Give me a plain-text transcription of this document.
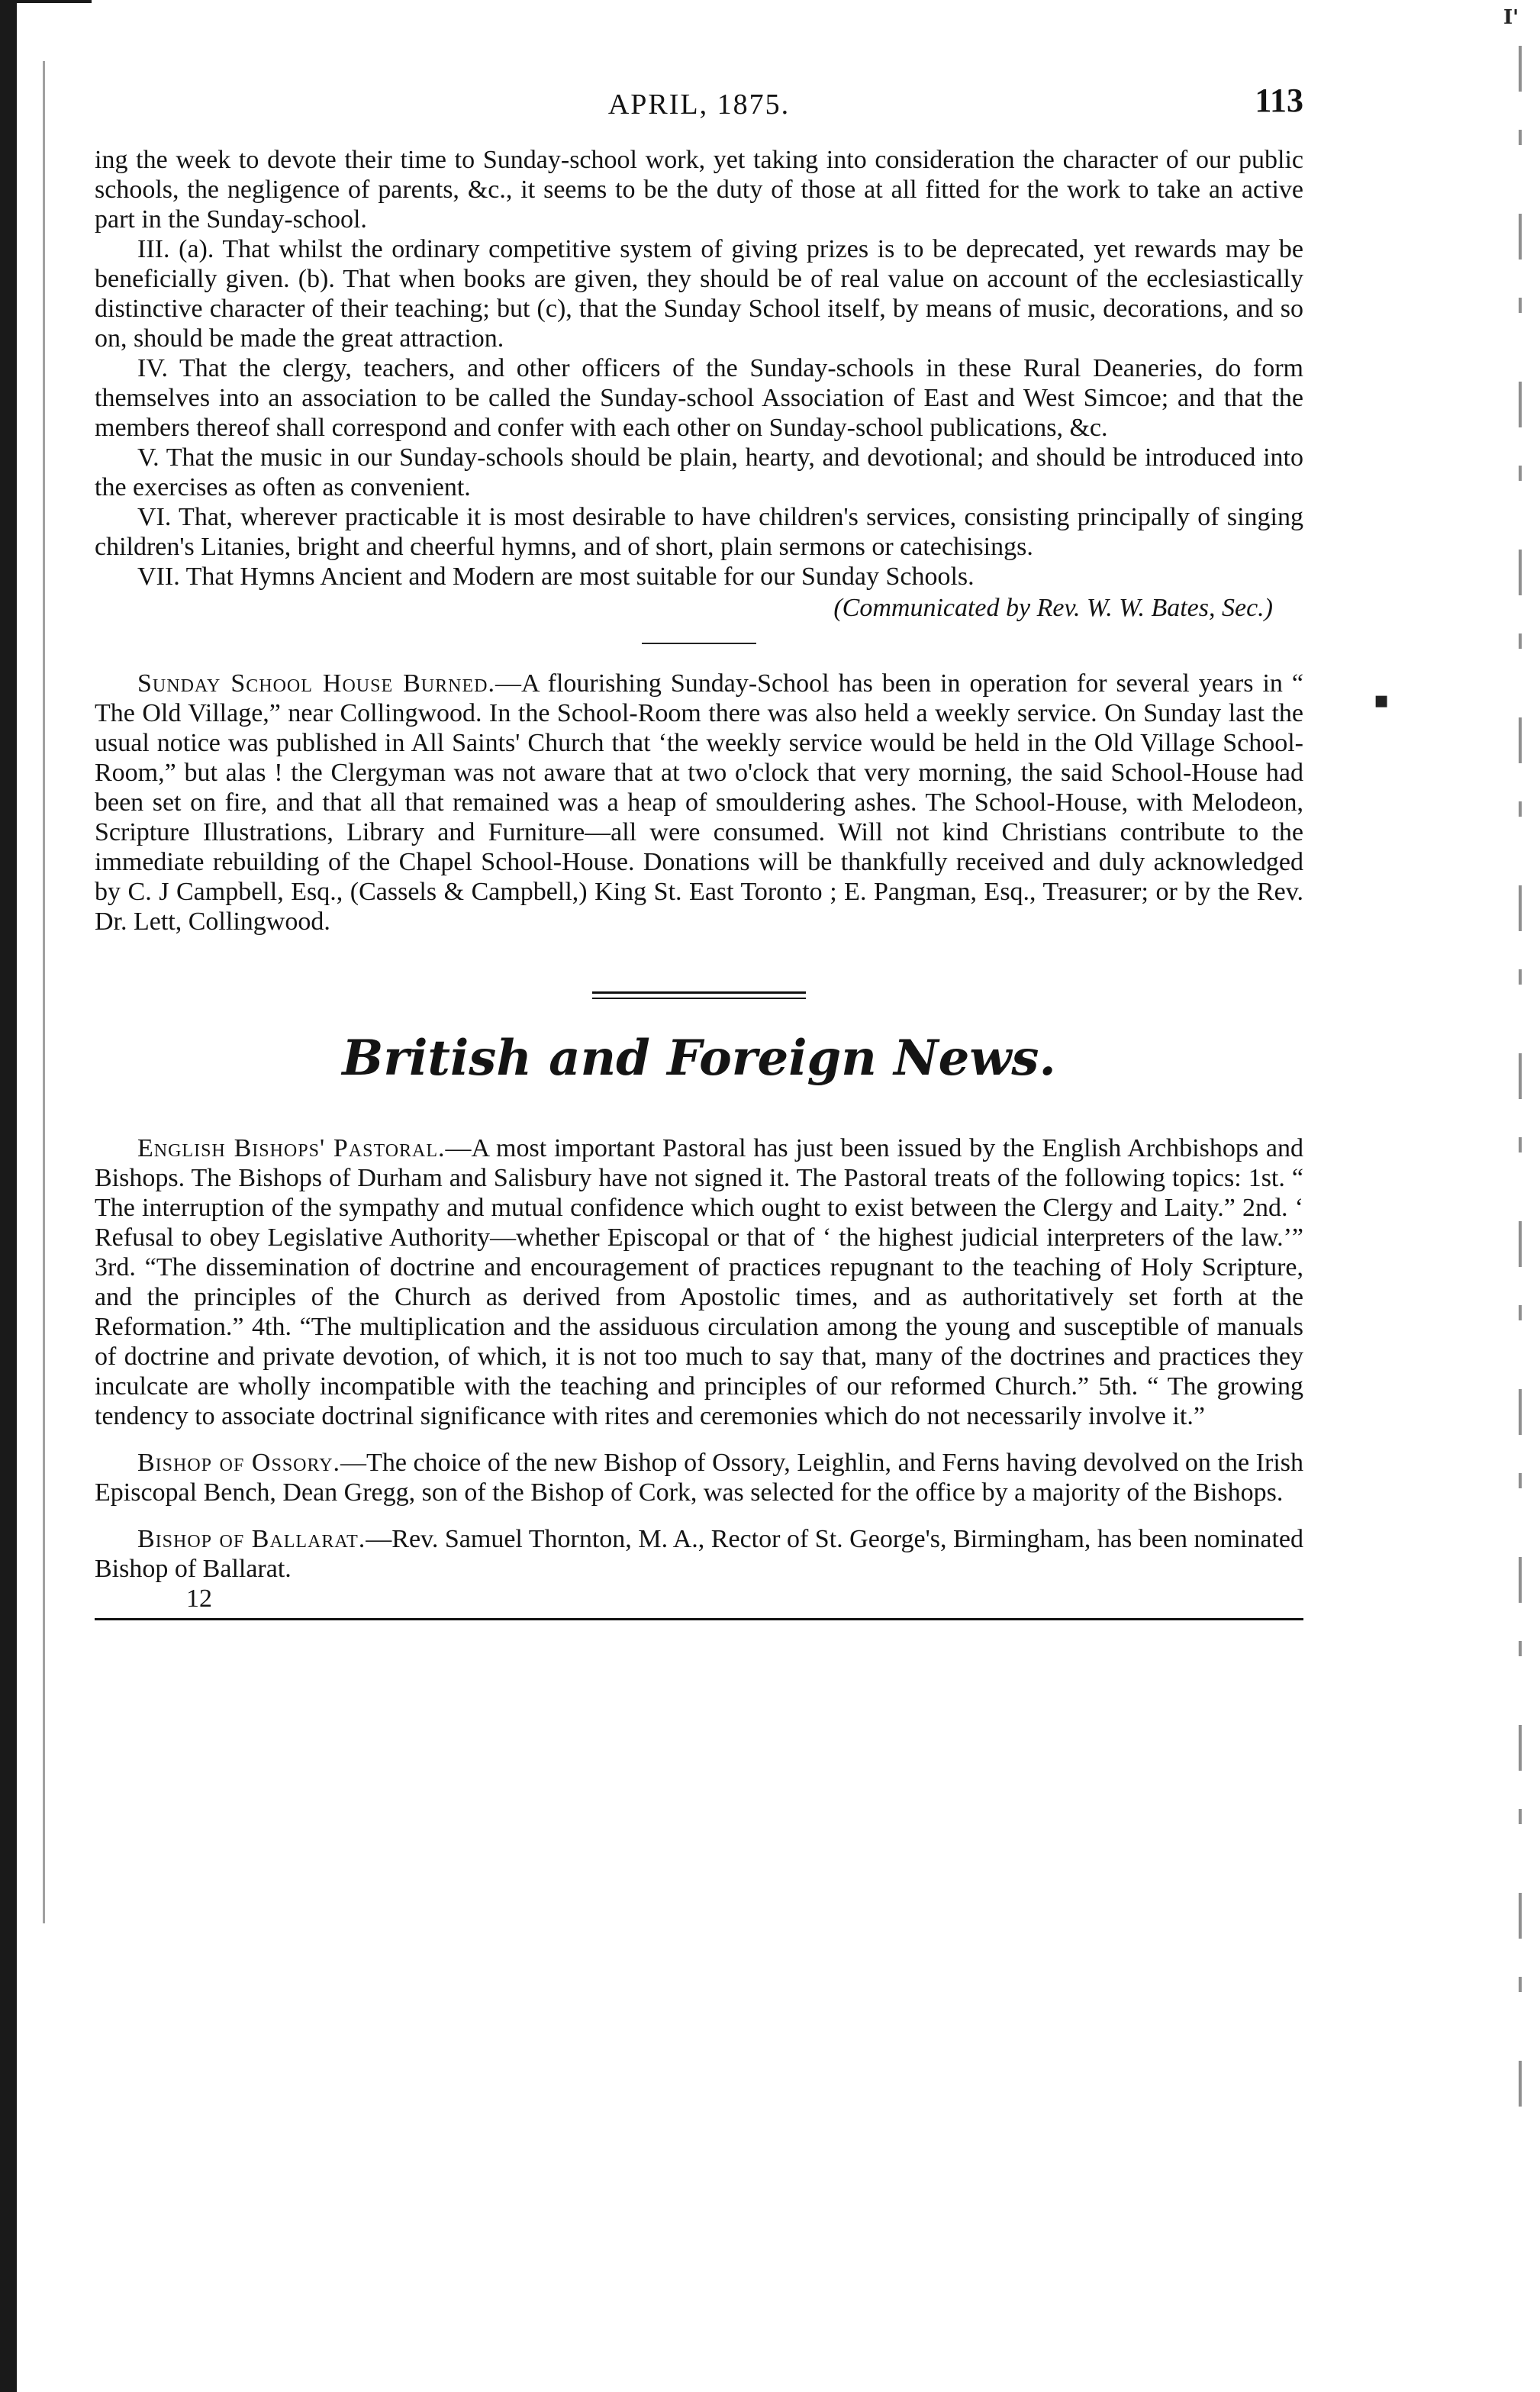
I'
▪
APRIL, 1875.	113

ing the week to devote their time to Sunday-school work, yet taking into consideration the character of our public schools, the negligence of parents, &c., it seems to be the duty of those at all fitted for the work to take an active part in the Sunday-school.

III. (a). That whilst the ordinary competitive system of giving prizes is to be deprecated, yet rewards may be beneficially given. (b). That when books are given, they should be of real value on account of the ecclesiastically distinctive character of their teaching; but (c), that the Sunday School itself, by means of music, decorations, and so on, should be made the great attraction.

IV. That the clergy, teachers, and other officers of the Sunday-schools in these Rural Deaneries, do form themselves into an association to be called the Sunday-school Association of East and West Simcoe; and that the members thereof shall correspond and confer with each other on Sunday-school publications, &c.

V. That the music in our Sunday-schools should be plain, hearty, and devotional; and should be introduced into the exercises as often as convenient.

VI. That, wherever practicable it is most desirable to have children's services, consisting principally of singing children's Litanies, bright and cheerful hymns, and of short, plain sermons or catechisings.

VII. That Hymns Ancient and Modern are most suitable for our Sunday Schools.

(Communicated by Rev. W. W. Bates, Sec.)

Sunday School House Burned.—A flourishing Sunday-School has been in operation for several years in “ The Old Village,” near Collingwood. In the School-Room there was also held a weekly service. On Sunday last the usual notice was published in All Saints' Church that ‘the weekly service would be held in the Old Village School-Room,” but alas ! the Clergyman was not aware that at two o'clock that very morning, the said School-House had been set on fire, and that all that remained was a heap of smouldering ashes. The School-House, with Melodeon, Scripture Illustrations, Library and Furniture—all were consumed. Will not kind Christians contribute to the immediate rebuilding of the Chapel School-House. Donations will be thankfully received and duly acknowledged by C. J Campbell, Esq., (Cassels & Campbell,) King St. East Toronto ; E. Pangman, Esq., Treasurer; or by the Rev. Dr. Lett, Collingwood.

British and Foreign News.

English Bishops' Pastoral.—A most important Pastoral has just been issued by the English Archbishops and Bishops. The Bishops of Durham and Salisbury have not signed it. The Pastoral treats of the following topics: 1st. “ The interruption of the sympathy and mutual confidence which ought to exist between the Clergy and Laity.” 2nd. ‘ Refusal to obey Legislative Authority—whether Episcopal or that of ‘ the highest judicial interpreters of the law.’” 3rd. “The dissemination of doctrine and encouragement of practices repugnant to the teaching of Holy Scripture, and the principles of the Church as derived from Apostolic times, and as authoritatively set forth at the Reformation.” 4th. “The multiplication and the assiduous circulation among the young and susceptible of manuals of doctrine and private devotion, of which, it is not too much to say that, many of the doctrines and practices they inculcate are wholly incompatible with the teaching and principles of our reformed Church.” 5th. “ The growing tendency to associate doctrinal significance with rites and ceremonies which do not necessarily involve it.”

Bishop of Ossory.—The choice of the new Bishop of Ossory, Leighlin, and Ferns having devolved on the Irish Episcopal Bench, Dean Gregg, son of the Bishop of Cork, was selected for the office by a majority of the Bishops.

Bishop of Ballarat.—Rev. Samuel Thornton, M. A., Rector of St. George's, Birmingham, has been nominated Bishop of Ballarat.

12
